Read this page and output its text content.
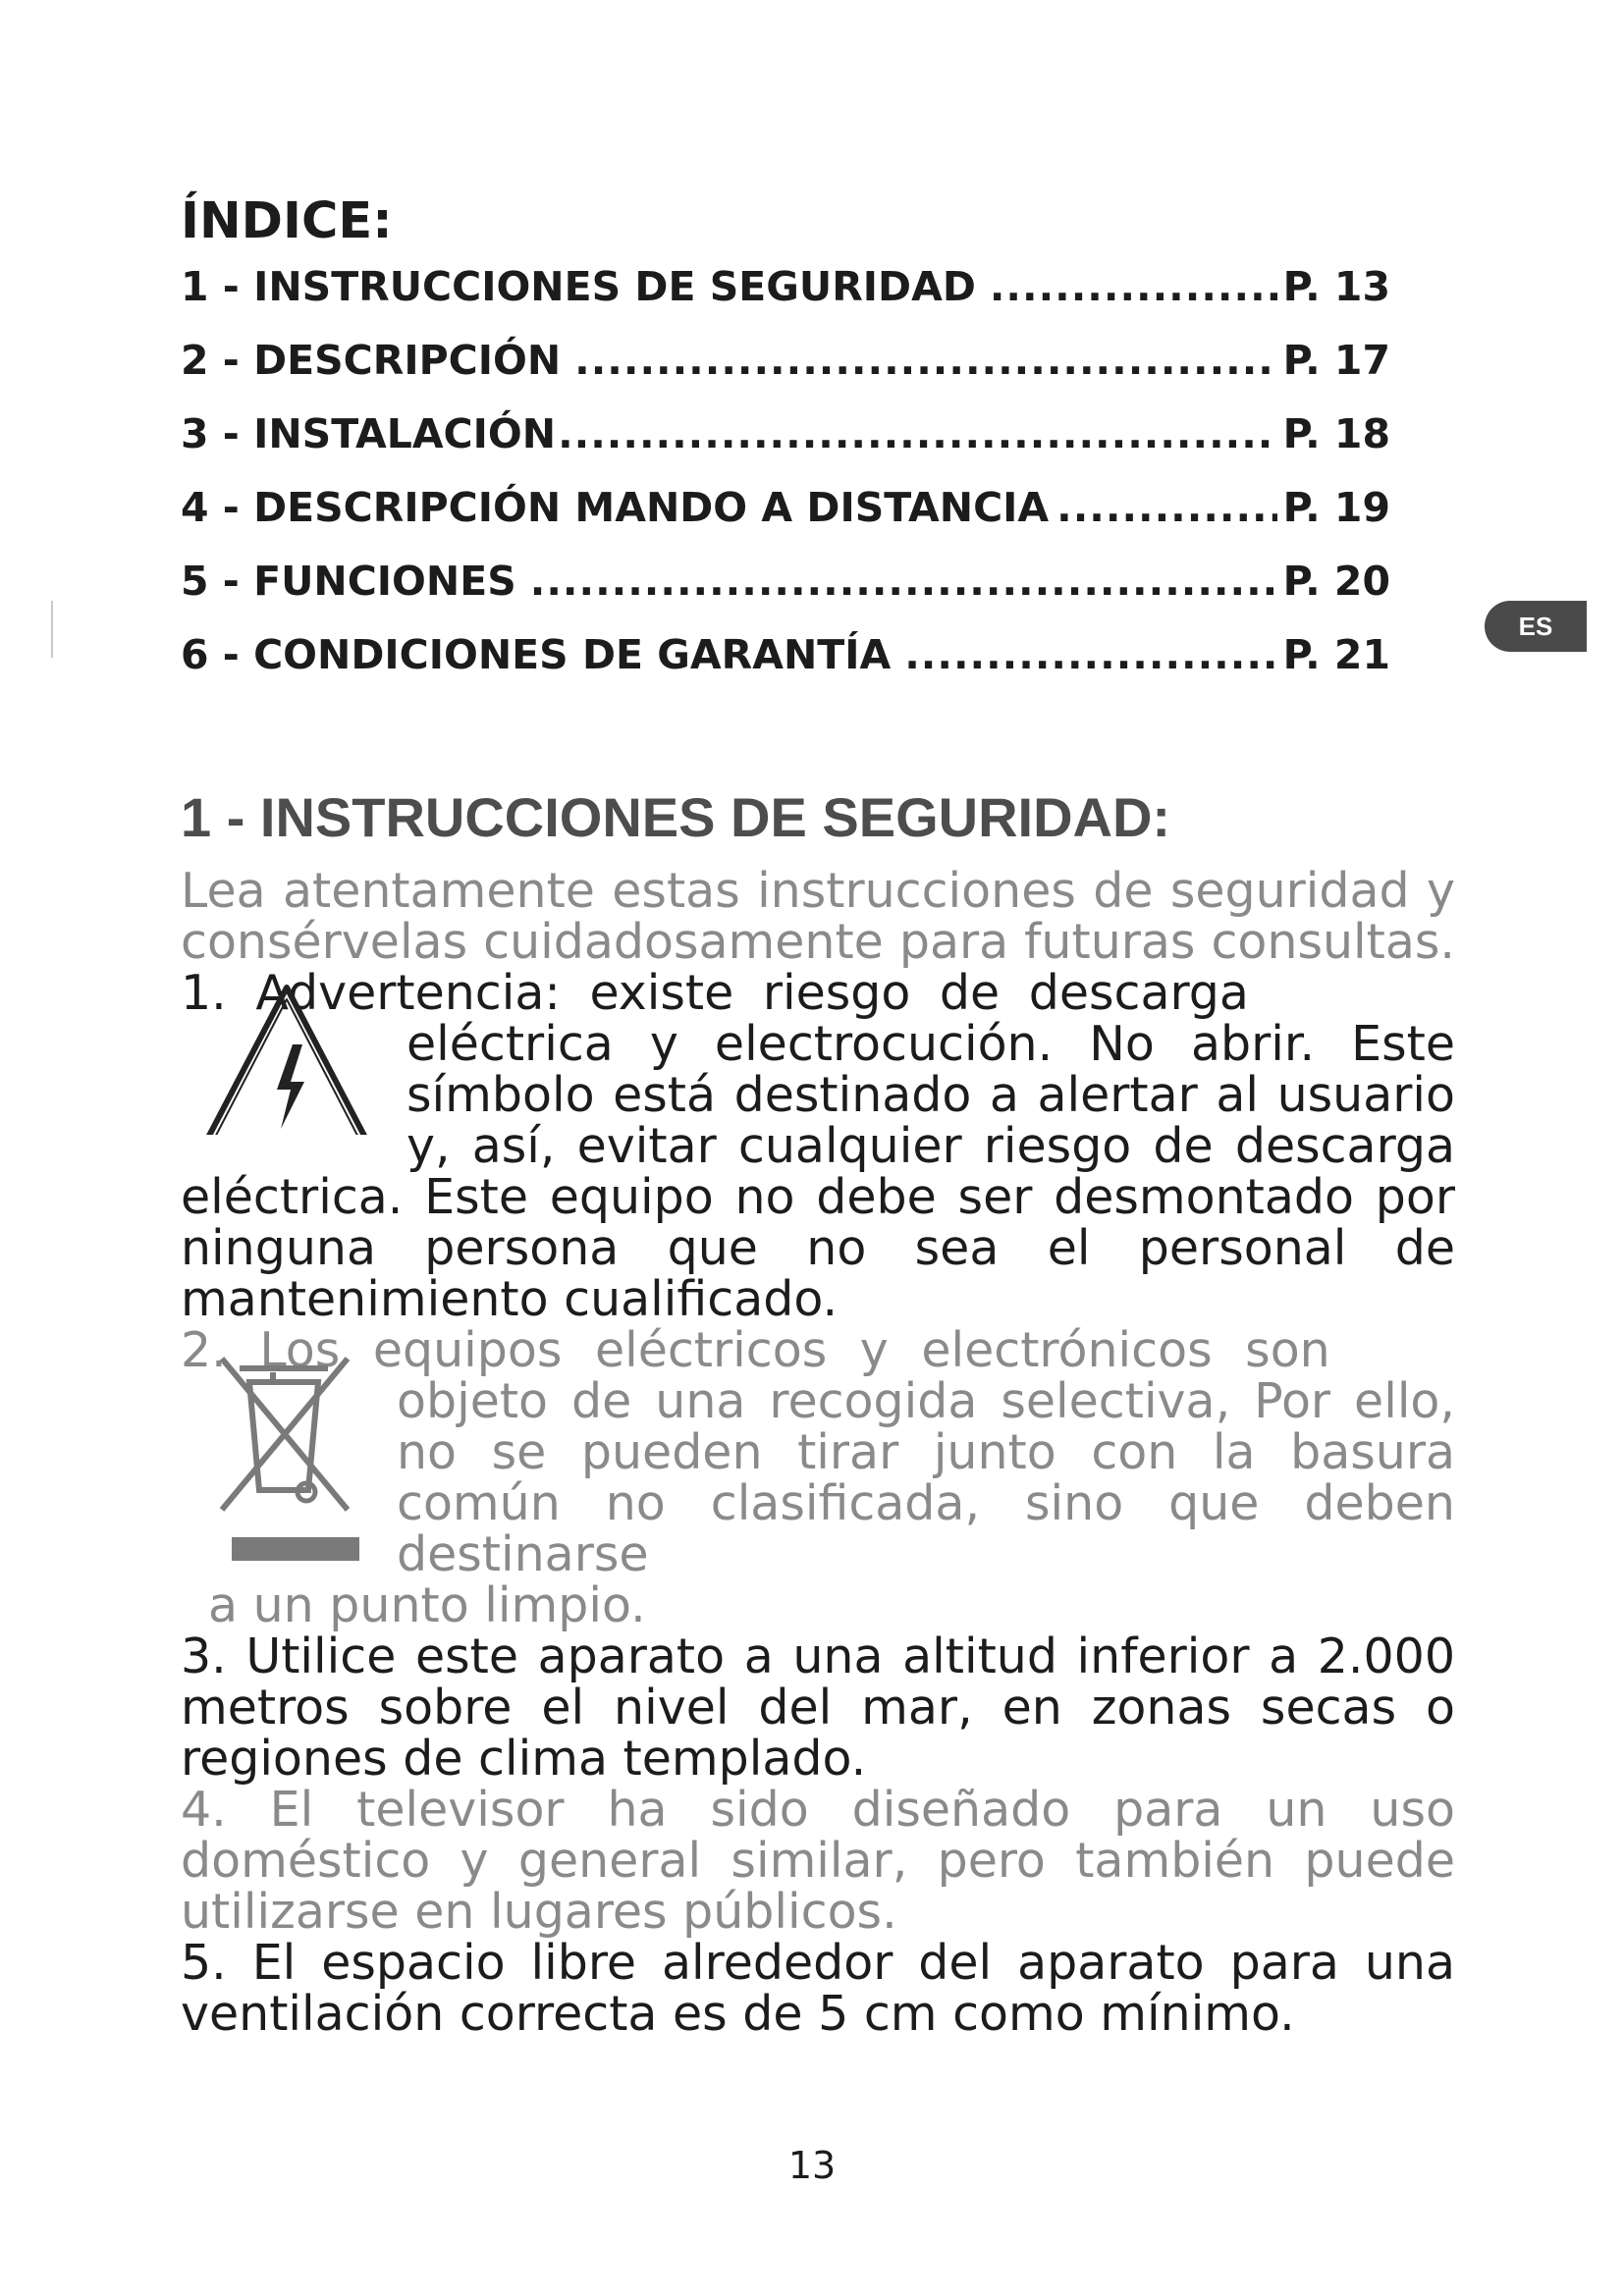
ÍNDICE:
1 - INSTRUCCIONES DE SEGURIDAD .....	P. 13
2 - DESCRIPCIÓN .....	P. 17
3 - INSTALACIÓN .....	P. 18
4 - DESCRIPCIÓN MANDO A DISTANCIA .....	P. 19
5 - FUNCIONES .....	P. 20
6 - CONDICIONES DE GARANTÍA .....	P. 21
ES
1 - INSTRUCCIONES DE SEGURIDAD:

Lea atentamente estas instrucciones de seguridad y consérvelas cuidadosamente para futuras consultas.

1. Advertencia: existe riesgo de descarga

eléctrica y electrocución. No abrir. Este símbolo está destinado a alertar al usuario y, así, evitar cualquier riesgo de descarga

eléctrica. Este equipo no debe ser desmontado por ninguna persona que no sea el personal de mantenimiento cualificado.

2. Los equipos eléctricos y electrónicos son

objeto de una recogida selectiva, Por ello, no se pueden tirar junto con la basura común no clasificada, sino que deben destinarse

a un punto limpio.

3. Utilice este aparato a una altitud inferior a 2.000 metros sobre el nivel del mar, en zonas secas o regiones de clima templado.

4. El televisor ha sido diseñado para un uso doméstico y general similar, pero también puede utilizarse en lugares públicos.

5. El espacio libre alrededor del aparato para una ventilación correcta es de 5 cm como mínimo.

13
